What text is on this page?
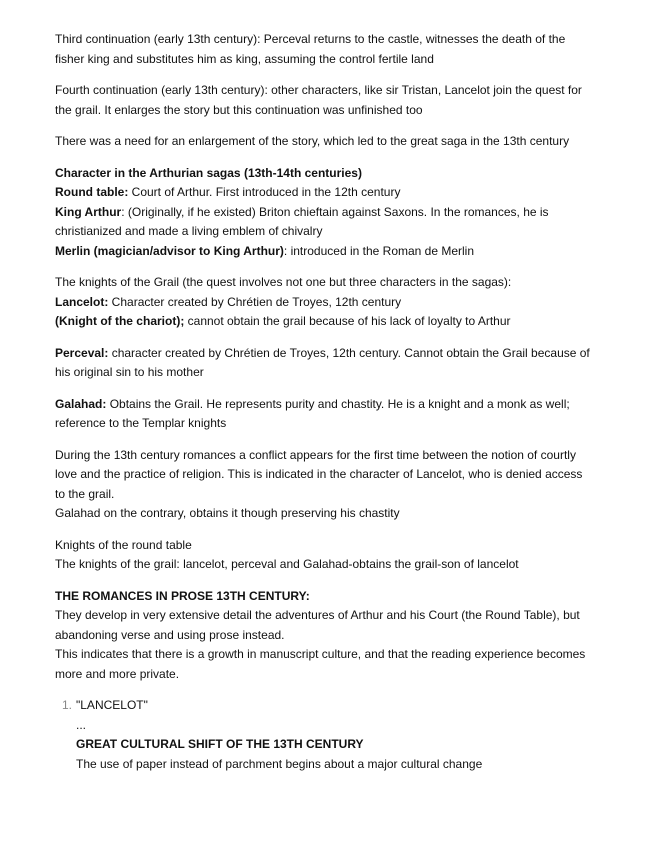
Third continuation (early 13th century): Perceval returns to the castle, witnesses the death of the fisher king and substitutes him as king, assuming the control fertile land

Fourth continuation (early 13th century): other characters, like sir Tristan, Lancelot join the quest for the grail. It enlarges the story but this continuation was unfinished too

There was a need for an enlargement of the story, which led to the great saga in the 13th century

Character in the Arthurian sagas (13th-14th centuries)

Round table: Court of Arthur. First introduced in the 12th century

King Arthur: (Originally, if he existed) Briton chieftain against Saxons. In the romances, he is christianized and made a living emblem of chivalry

Merlin (magician/advisor to King Arthur): introduced in the Roman de Merlin

The knights of the Grail (the quest involves not one but three characters in the sagas):

Lancelot: Character created by Chrétien de Troyes, 12th century

(Knight of the chariot); cannot obtain the grail because of his lack of loyalty to Arthur

Perceval: character created by Chrétien de Troyes, 12th century. Cannot obtain the Grail because of his original sin to his mother

Galahad: Obtains the Grail. He represents purity and chastity. He is a knight and a monk as well; reference to the Templar knights

During the 13th century romances a conflict appears for the first time between the notion of courtly love and the practice of religion. This is indicated in the character of Lancelot, who is denied access to the grail.

Galahad on the contrary, obtains it though preserving his chastity

Knights of the round table

The knights of the grail: lancelot, perceval and Galahad-obtains the grail-son of lancelot

THE ROMANCES IN PROSE 13TH CENTURY:

They develop in very extensive detail the adventures of Arthur and his Court (the Round Table), but abandoning verse and using prose instead.

This indicates that there is a growth in manuscript culture, and that the reading experience becomes more and more private.

1. "LANCELOT"

...

GREAT CULTURAL SHIFT OF THE 13TH CENTURY

The use of paper instead of parchment begins about a major cultural change
